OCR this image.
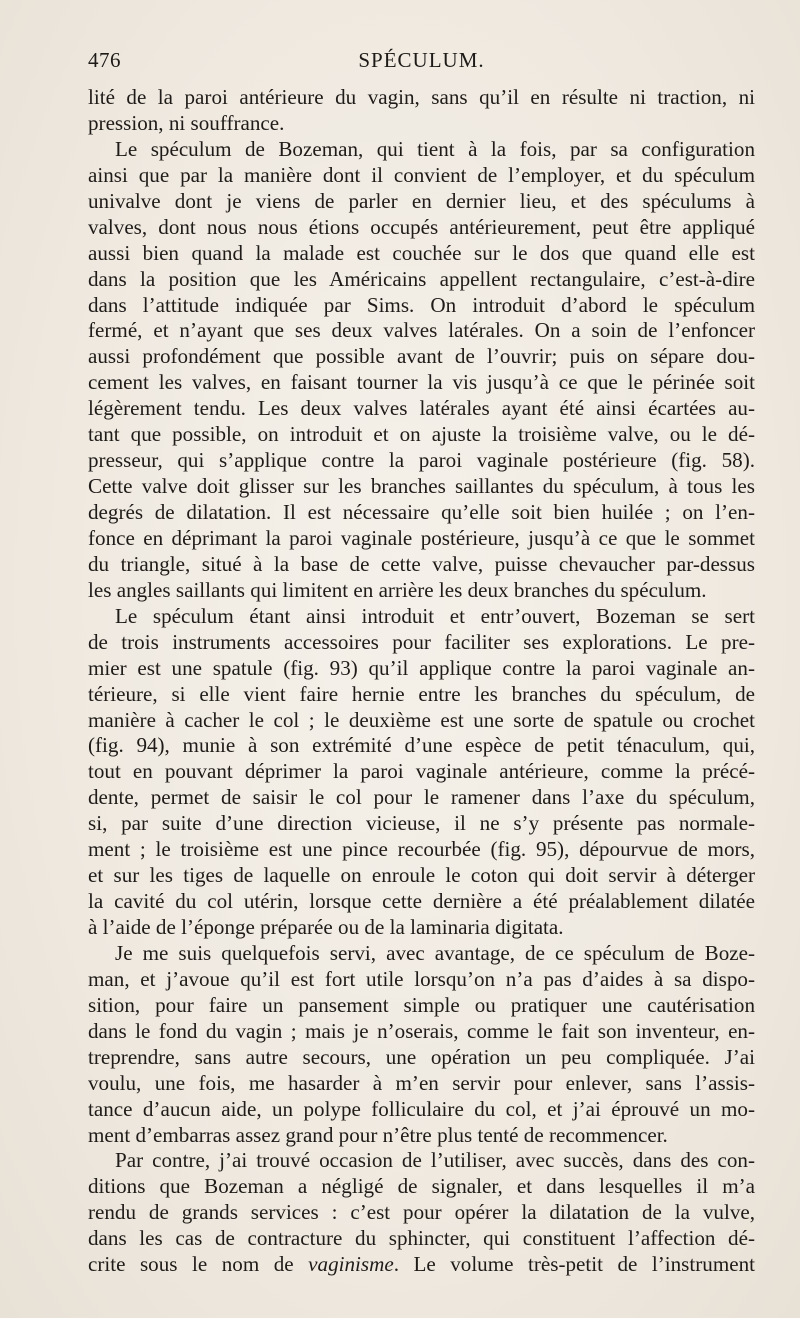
476	SPÉCULUM.
lité de la paroi antérieure du vagin, sans qu’il en résulte ni traction, ni
pression, ni souffrance.
Le spéculum de Bozeman, qui tient à la fois, par sa configuration
ainsi que par la manière dont il convient de l’employer, et du spéculum
univalve dont je viens de parler en dernier lieu, et des spéculums à
valves, dont nous nous étions occupés antérieurement, peut être appliqué
aussi bien quand la malade est couchée sur le dos que quand elle est
dans la position que les Américains appellent rectangulaire, c’est-à-dire
dans l’attitude indiquée par Sims. On introduit d’abord le spéculum
fermé, et n’ayant que ses deux valves latérales. On a soin de l’enfoncer
aussi profondément que possible avant de l’ouvrir; puis on sépare dou-
cement les valves, en faisant tourner la vis jusqu’à ce que le périnée soit
légèrement tendu. Les deux valves latérales ayant été ainsi écartées au-
tant que possible, on introduit et on ajuste la troisième valve, ou le dé-
presseur, qui s’applique contre la paroi vaginale postérieure (fig. 58).
Cette valve doit glisser sur les branches saillantes du spéculum, à tous les
degrés de dilatation. Il est nécessaire qu’elle soit bien huilée ; on l’en-
fonce en déprimant la paroi vaginale postérieure, jusqu’à ce que le sommet
du triangle, situé à la base de cette valve, puisse chevaucher par-dessus
les angles saillants qui limitent en arrière les deux branches du spéculum.
Le spéculum étant ainsi introduit et entr’ouvert, Bozeman se sert
de trois instruments accessoires pour faciliter ses explorations. Le pre-
mier est une spatule (fig. 93) qu’il applique contre la paroi vaginale an-
térieure, si elle vient faire hernie entre les branches du spéculum, de
manière à cacher le col ; le deuxième est une sorte de spatule ou crochet
(fig. 94), munie à son extrémité d’une espèce de petit ténaculum, qui,
tout en pouvant déprimer la paroi vaginale antérieure, comme la précé-
dente, permet de saisir le col pour le ramener dans l’axe du spéculum,
si, par suite d’une direction vicieuse, il ne s’y présente pas normale-
ment ; le troisième est une pince recourbée (fig. 95), dépourvue de mors,
et sur les tiges de laquelle on enroule le coton qui doit servir à déterger
la cavité du col utérin, lorsque cette dernière a été préalablement dilatée
à l’aide de l’éponge préparée ou de la laminaria digitata.
Je me suis quelquefois servi, avec avantage, de ce spéculum de Boze-
man, et j’avoue qu’il est fort utile lorsqu’on n’a pas d’aides à sa dispo-
sition, pour faire un pansement simple ou pratiquer une cautérisation
dans le fond du vagin ; mais je n’oserais, comme le fait son inventeur, en-
treprendre, sans autre secours, une opération un peu compliquée. J’ai
voulu, une fois, me hasarder à m’en servir pour enlever, sans l’assis-
tance d’aucun aide, un polype folliculaire du col, et j’ai éprouvé un mo-
ment d’embarras assez grand pour n’être plus tenté de recommencer.
Par contre, j’ai trouvé occasion de l’utiliser, avec succès, dans des con-
ditions que Bozeman a négligé de signaler, et dans lesquelles il m’a
rendu de grands services : c’est pour opérer la dilatation de la vulve,
dans les cas de contracture du sphincter, qui constituent l’affection dé-
crite sous le nom de vaginisme. Le volume très-petit de l’instrument
